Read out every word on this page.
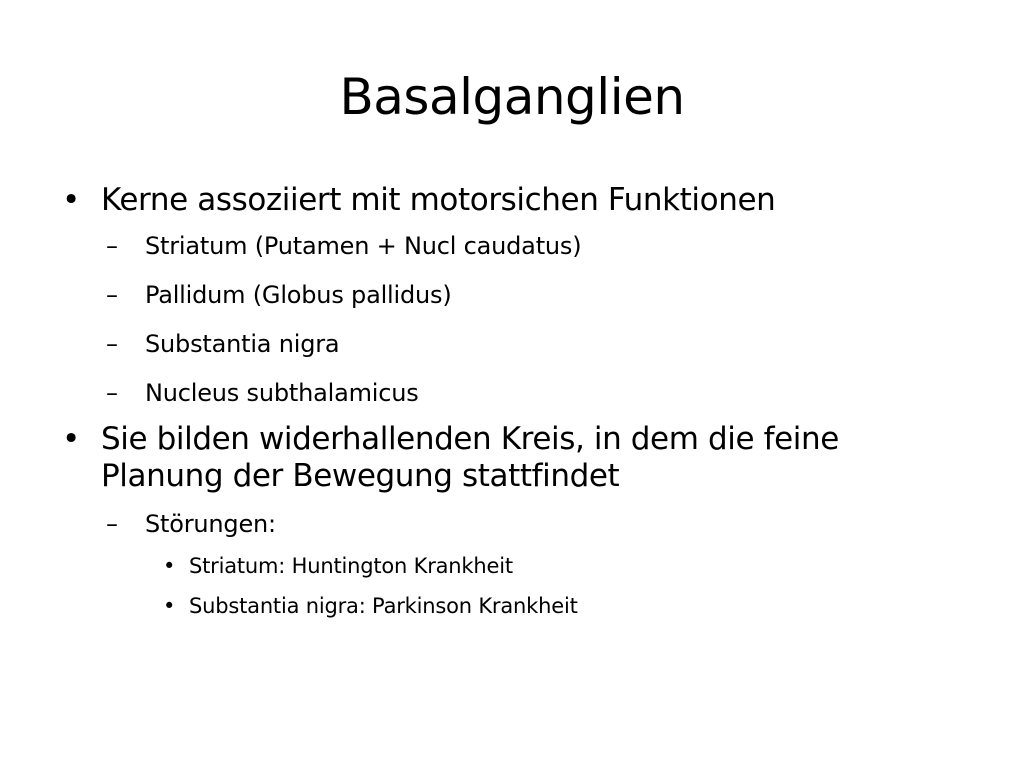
Basalganglien
• Kerne assoziiert mit motorsichen Funktionen
– Striatum (Putamen + Nucl caudatus)
– Pallidum (Globus pallidus)
– Substantia nigra
– Nucleus subthalamicus
• Sie bilden widerhallenden Kreis, in dem die feine Planung der Bewegung stattfindet
– Störungen:
• Striatum: Huntington Krankheit
• Substantia nigra: Parkinson Krankheit
